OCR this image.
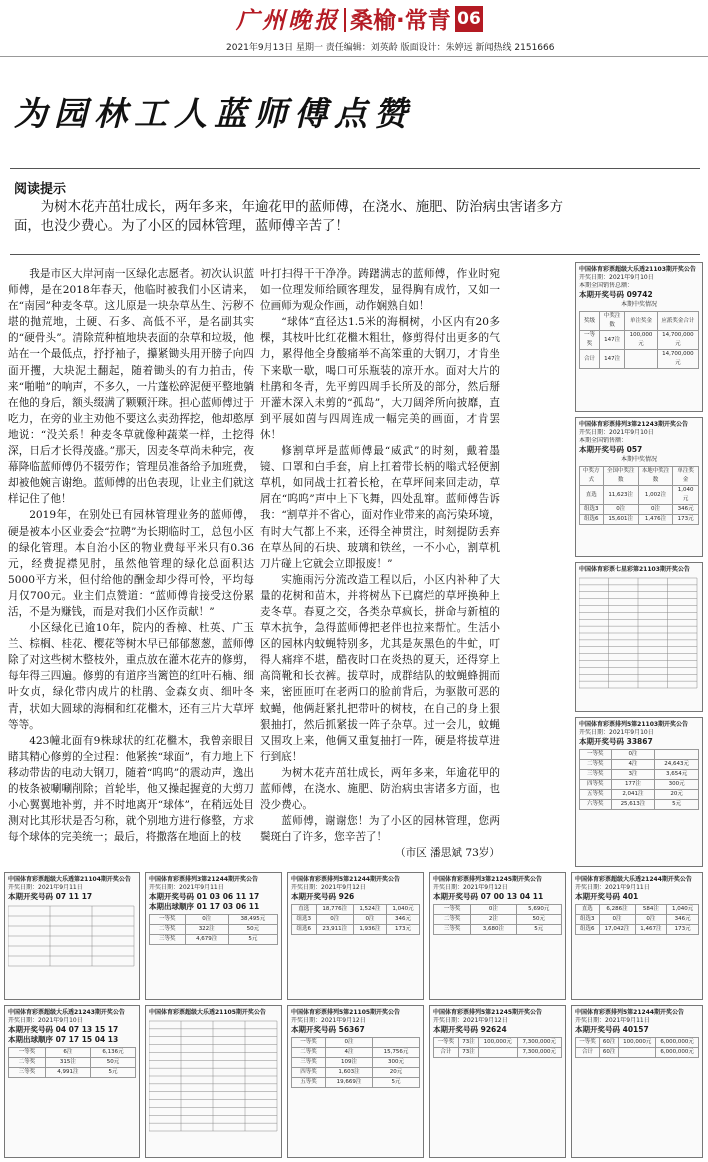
广州晚报 桑榆·常青 06
2021年9月13日 星期一 责任编辑：刘英龄 版面设计：朱婷远 新闻热线 2151666
为园林工人蓝师傅点赞
阅读提示
为树木花卉茁壮成长，两年多来，年逾花甲的蓝师傅，在浇水、施肥、防治病虫害诸多方面，也没少费心。为了小区的园林管理，蓝师傅辛苦了！

我是市区大岸河南一区绿化志愿者。初次认识蓝师傅，是在2018年春天，他临时被我们小区请来，在“南园”种麦冬草。这儿原是一块杂草丛生、污秽不堪的抛荒地，土硬、石多、高低不平，是名副其实的“硬骨头”。清除荒种植地块表面的杂草和垃圾，他站在一个最低点，抒抒袖子，攥紧锄头用开膀子向四面开攫，大块泥土翻起，随着锄头的有力拍击，传来“啪啪”的响声，不多久，一片蓬松碎泥便平整地躺在他的身后，额头缀满了颗颗汗珠。担心蓝师傅过于吃力，在旁的业主劝他不要这么卖劲挥挖，他却憨厚地说：“没关系！种麦冬草就像种蔬菜一样，土挖得深，日后才长得茂盛。”那天，因麦冬草尚未种完，夜幕降临蓝师傅仍不辍劳作；管理员准备给予加班费，却被他婉言谢绝。蓝师傅的出色表现，让业主们就这样记住了他！

2019年，在别处已有园林管理业务的蓝师傅，硬是被本小区业委会“拉聘”为长期临时工，总包小区的绿化管理。本自治小区的物业费每平米只有0.36元，经费捉襟见肘，虽然他管理的绿化总面积达5000平方米，但付给他的酬金却少得可怜，平均每月仅700元。业主们点赞道：“蓝师傅肯接受这份累活，不是为赚钱，而是对我们小区作贡献！”

小区绿化已逾10年，院内的香樟、杜英、广玉兰、棕榈、桂花、樱花等树木早已郁郁葱葱，蓝师傅除了对这些树木整枝外，重点放在灌木花卉的修剪，每年得三四遍。修剪的有道序当篱笆的红叶石楠、细叶女贞，绿化带内成片的杜鹃、金森女贞、细叶冬青，状如大圆球的海桐和红花檵木，还有三片大草坪等等。

423幢北面有9株球状的红花檵木，我曾亲眼目睹其精心修剪的全过程：他紧挨“球面”，有力地上下移动带齿的电动大钢刀，随着“呜呜”的震动声，逸出的枝条被唰唰削除；首轮毕，他又操起握竟的大剪刀小心翼翼地补剪，并不时地离开“球体”，在稍远处目测对比其形状是否匀称，就个别地方进行修整，方求每个球体的完美统一；最后，将撒落在地面上的枝

叶打扫得干干净净。踌躇满志的蓝师傅，作业时宛如一位理发师给顾客理发，显得胸有成竹，又如一位画师为观众作画，动作娴熟自如！

“球体”直径达1.5米的海桐树，小区内有20多棵，其枝叶比红花檵木粗壮，修剪得付出更多的气力，累得他全身酸痛举不高笨重的大钢刀，才肯坐下来歇一歇，喝口可乐瓶装的凉开水。面对大片的杜鹃和冬青，先平剪四周手长所及的部分，然后掰开灌木深入未剪的“孤岛”，大刀阔斧所向披靡，直到平展如茵与四周连成一幅完美的画面，才肯罢休！

修割草坪是蓝师傅最“威武”的时刻，戴着墨镜、口罩和白手套，肩上扛着带长柄的嗡式轻便割草机，如同战士扛着长枪，在草坪间来回走动，草屑在“呜呜”声中上下飞舞，四处乱窜。蓝师傅告诉我：“割草并不省心，面对作业带来的高污染环境，有时大气都上不来，还得全神贯注，时刻提防丢弃在草丛间的石块、玻璃和铁丝，一不小心，割草机刀片碰上它就会立即报废！”

实施雨污分流改造工程以后，小区内补种了大量的花树和苗木，并将树丛下已腐烂的草坪换种上麦冬草。春夏之交，各类杂草疯长，拼命与新植的草木抗争，急得蓝师傅把老伴也拉来帮忙。生活小区的园林内蚊蝇特别多，尤其是灰黑色的牛虻，叮得人痛痒不堪，酷夜时口在炎热的夏天，还得穿上高筒靴和长衣裤。拔草时，成群结队的蚊蝇蜂拥而来，密匝匝叮在老两口的脸前背后，为驱散可恶的蚊蝇，他俩赶紧扎把带叶的树枝，在自己的身上狠狠抽打，然后抓紧拔一阵子杂草。过一会儿，蚊蝇又围攻上来，他俩又重复抽打一阵，硬是将拔草进行到底！

为树木花卉茁壮成长，两年多来，年逾花甲的蓝师傅，在浇水、施肥、防治病虫害诸多方面，也没少费心。

蓝师傅，谢谢您！为了小区的园林管理，您两鬓斑白了许多，您辛苦了！

（市区 潘思斌 73岁）
中国体育彩票超级大乐透21103期开奖公告
开奖日期：2021年9月10日
本期全国销售总额：
本期开奖号码 09742
本期中奖情况
奖级	中奖注数	单注奖金	应派奖金合计
一等奖	147注	100,000元	14,700,000元
合计	147注		14,700,000元
中国体育彩票排列3第21243期开奖公告
开奖日期：2021年9月10日
本期全国销售额：
本期开奖号码 057
本期中奖情况
中奖方式	全国中奖注数	本地中奖注数	单注奖金
直选	11,623注	1,002注	1,040元
组选3	0注	0注	346元
组选6	15,601注	1,476注	173元
中国体育彩票七星彩第21103期开奖公告
中国体育彩票排列5第21103期开奖公告
开奖日期：2021年9月10日
本期开奖号码 33867
一等奖	0注	
二等奖	4注	24,643元
三等奖	3注	3,654元
四等奖	177注	300元
五等奖	2,041注	20元
六等奖	25,613注	5元
中国体育彩票超级大乐透第21104期开奖公告
开奖日期：2021年9月11日
本期开奖号码 07 11 17
中国体育彩票排列3第21244期开奖公告
开奖日期：2021年9月11日
本期开奖号码 01 03 06 11 17
本期出球顺序 01 17 03 06 11
一等奖	0注	38,495元
二等奖	322注	50元
三等奖	4,679注	5元
中国体育彩票排列5第21244期开奖公告
开奖日期：2021年9月12日
本期开奖号码 926
直选	18,776注	1,524注	1,040元
组选3	0注	0注	346元
组选6	23,911注	1,936注	173元
中国体育彩票排列3第21245期开奖公告
开奖日期：2021年9月12日
本期开奖号码 07 00 13 04 11
一等奖	0注	5,690元
二等奖	2注	50元
三等奖	3,680注	5元
中国体育彩票超级大乐透21244期开奖公告
开奖日期：2021年9月11日
本期开奖号码 401
直选	6,286注	584注	1,040元
组选3	0注	0注	346元
组选6	17,042注	1,467注	173元
中国体育彩票超级大乐透21243期开奖公告
开奖日期：2021年9月10日
本期开奖号码 04 07 13 15 17
本期出球顺序 07 17 15 04 13
一等奖	6注	6,136元
二等奖	315注	50元
三等奖	4,991注	5元
中国体育彩票超级大乐透21105期开奖公告	中国体育彩票排列5第21105期开奖公告
开奖日期：2021年9月12日
本期开奖号码 56367
一等奖	0注	
二等奖	4注	15,756元
三等奖	109注	300元
四等奖	1,603注	20元
五等奖	19,669注	5元
中国体育彩票排列5第21245期开奖公告
开奖日期：2021年9月12日
本期开奖号码 92624
一等奖	73注	100,000元	7,300,000元
合计	73注		7,300,000元
中国体育彩票排列5第21244期开奖公告
开奖日期：2021年9月11日
本期开奖号码 40157
一等奖	60注	100,000元	6,000,000元
合计	60注		6,000,000元
